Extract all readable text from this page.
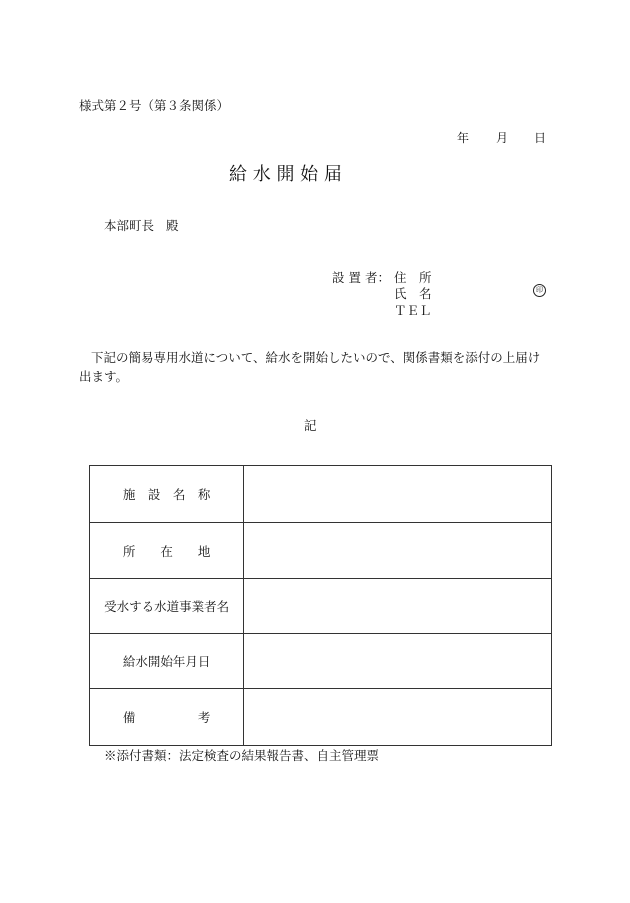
様式第２号（第３条関係）
年 月 日
給 水 開 始 届
本部町長 殿
設 置 者： 住　所
氏　名	印
ＴＥＬ

下記の簡易専用水道について、給水を開始したいので、関係書類を添付の上届け出ます。

記
施　設　名　称	
所　　在　　地	
受水する水道事業者名	
給水開始年月日	
備　　　　　考	
※添付書類：法定検査の結果報告書、自主管理票
